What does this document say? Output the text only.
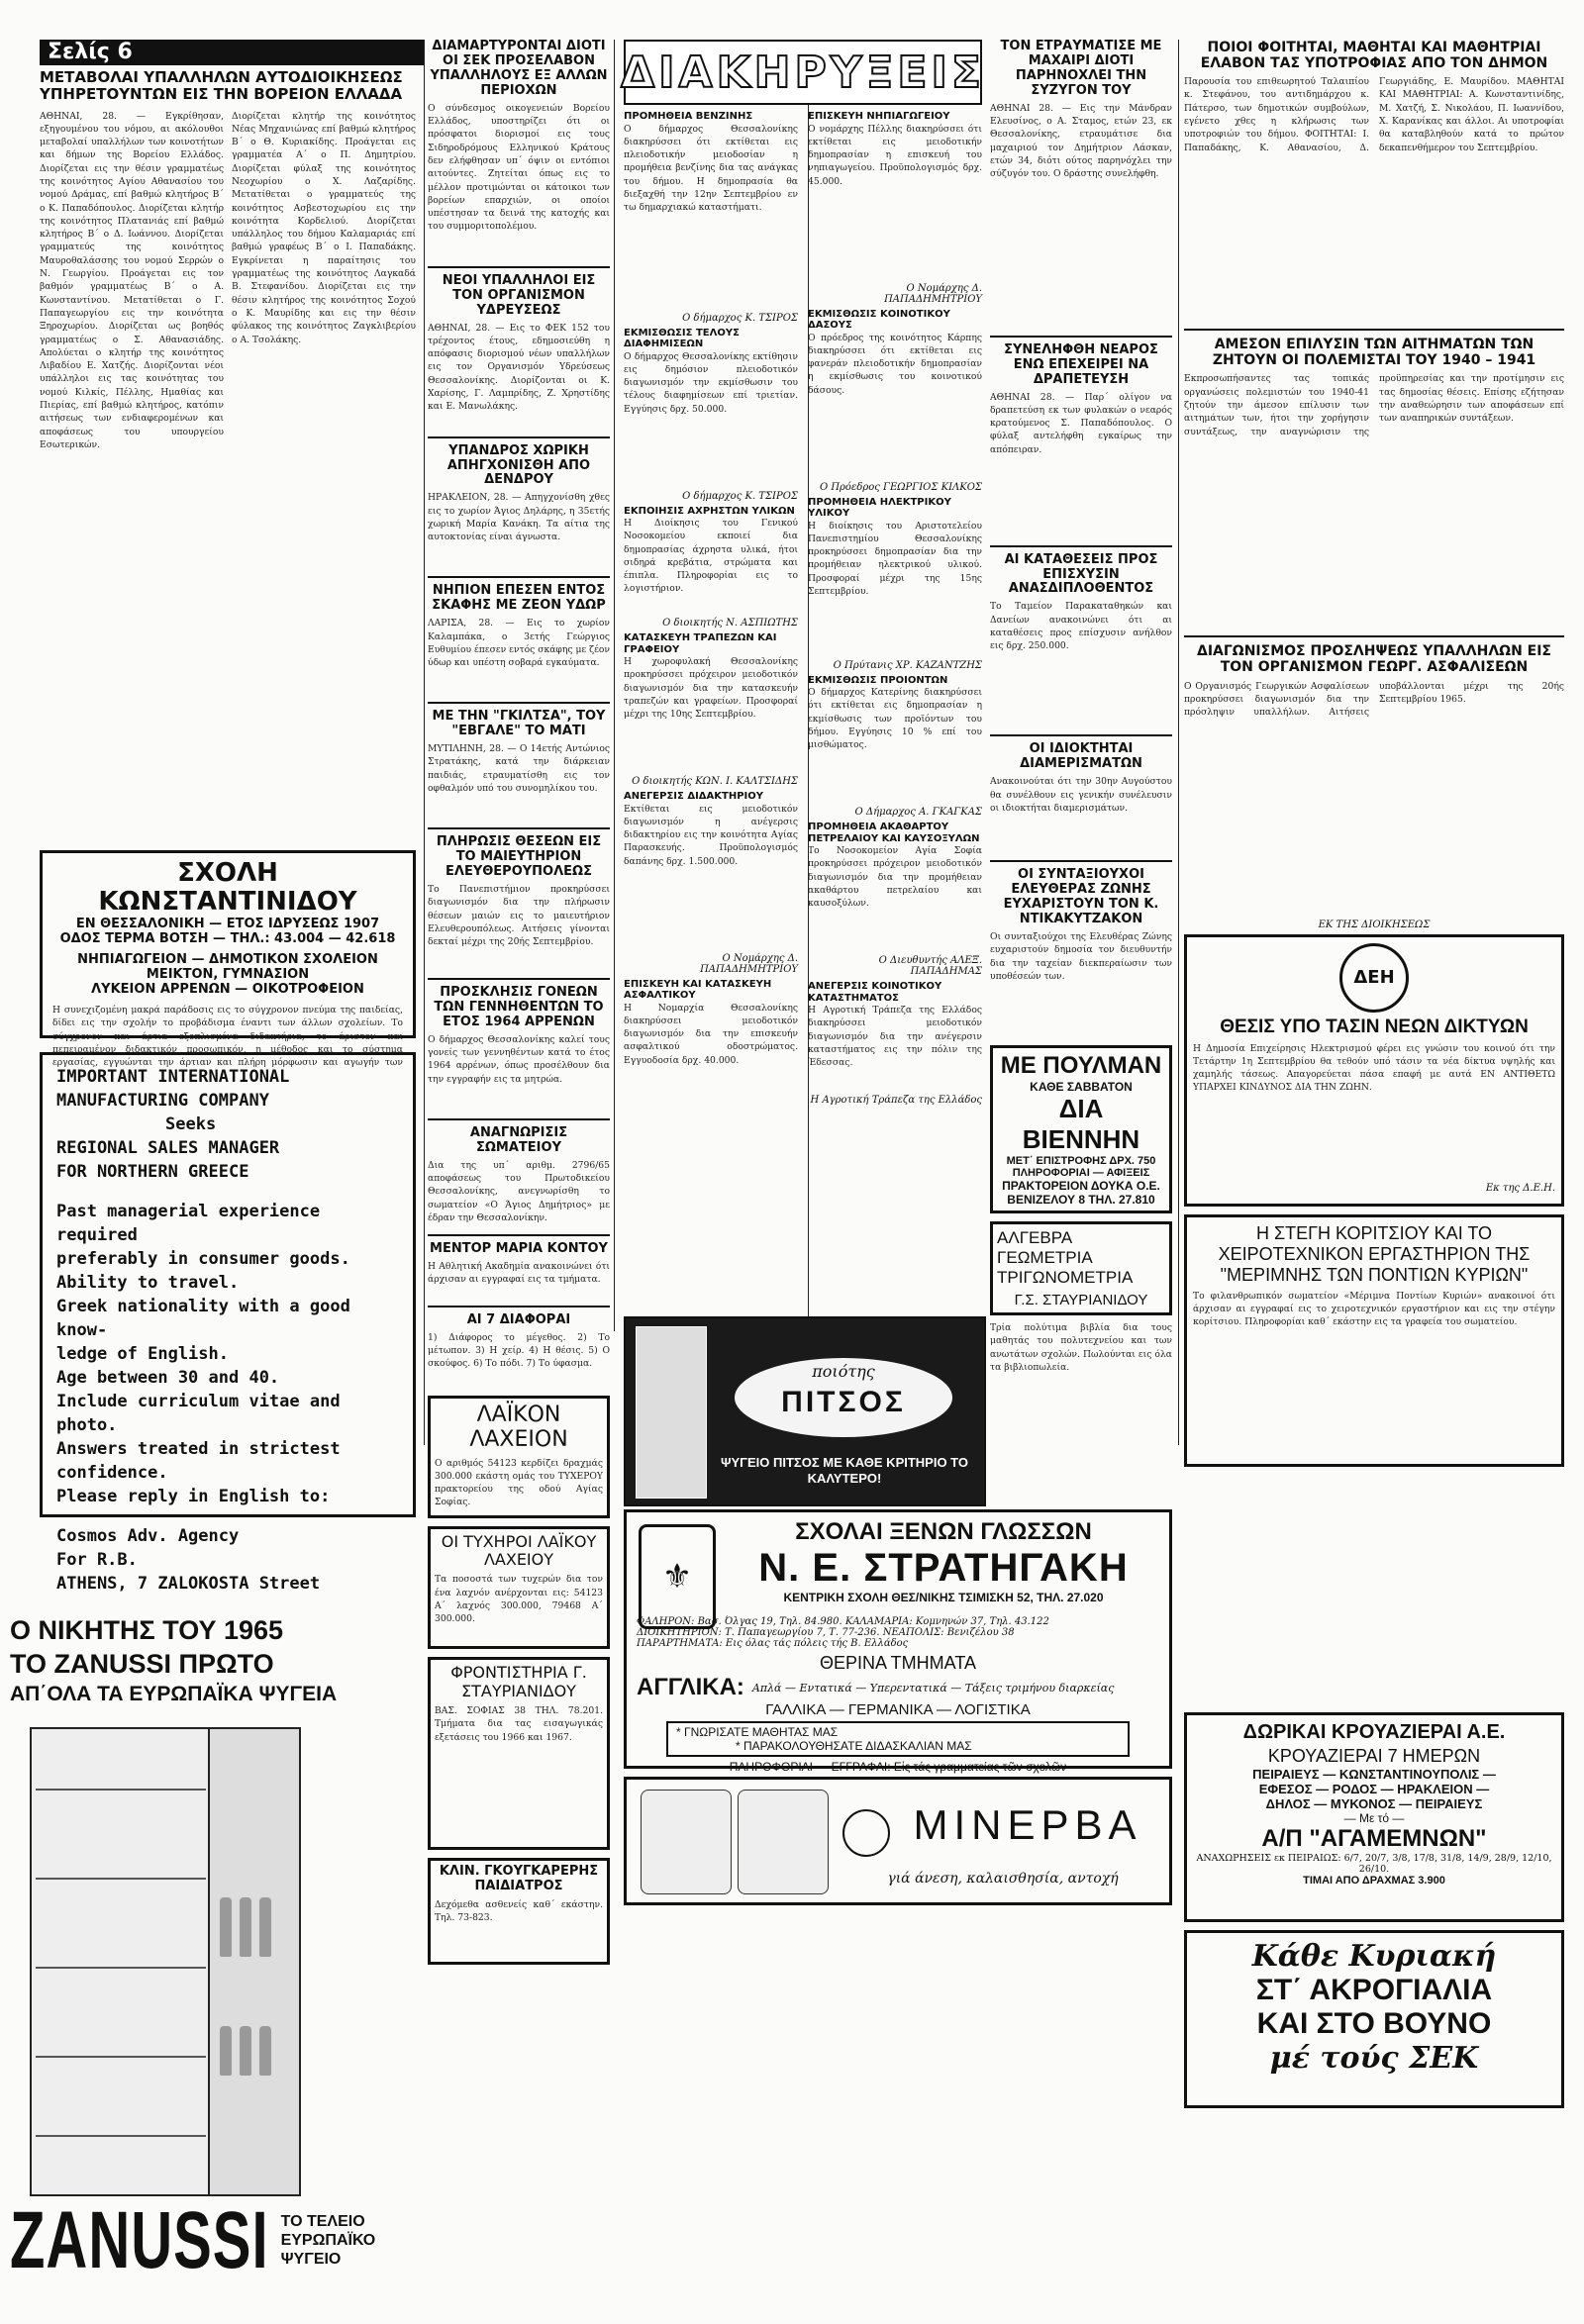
Σελίς 6
ΜΕΤΑΒΟΛΑΙ ΥΠΑΛΛΗΛΩΝ ΑΥΤΟΔΙΟΙΚΗΣΕΩΣ ΥΠΗΡΕΤΟΥΝΤΩΝ ΕΙΣ ΤΗΝ ΒΟΡΕΙΟΝ ΕΛΛΑΔΑ
ΑΘΗΝΑΙ, 28. — Εγκρίθησαν, εξηγουμένου του νόμου, αι ακόλουθοι μεταβολαί υπαλλήλων των κοινοτήτων και δήμων της Βορείου Ελλάδος. Διορίζεται εις την θέσιν γραμματέως της κοινότητος Αγίου Αθανασίου του νομού Δράμας, επί βαθμώ κλητήρος Β΄ ο Κ. Παπαδόπουλος. Διορίζεται κλητήρ της κοινότητος Πλατανιάς επί βαθμώ κλητήρος Β΄ ο Δ. Ιωάννου. Διορίζεται γραμματεύς της κοινότητος Μαυροθαλάσσης του νομού Σερρών ο Ν. Γεωργίου. Προάγεται εις τον βαθμόν γραμματέως Β΄ ο Α. Κωνσταντίνου. Μετατίθεται ο Γ. Παπαγεωργίου εις την κοινότητα Ξηροχωρίου. Διορίζεται ως βοηθός γραμματέως ο Σ. Αθανασιάδης. Απολύεται ο κλητήρ της κοινότητος Λιβαδίου Ε. Χατζής. Διορίζονται νέοι υπάλληλοι εις τας κοινότητας του νομού Κιλκίς, Πέλλης, Ημαθίας και Πιερίας, επί βαθμώ κλητήρος, κατόπιν αιτήσεως των ενδιαφερομένων και αποφάσεως του υπουργείου Εσωτερικών.
Διορίζεται κλητήρ της κοινότητος Νέας Μηχανιώνας επί βαθμώ κλητήρος Β΄ ο Θ. Κυριακίδης. Προάγεται εις γραμματέα Α΄ ο Π. Δημητρίου. Διορίζεται φύλαξ της κοινότητος Νεοχωρίου ο Χ. Λαζαρίδης. Μετατίθεται ο γραμματεύς της κοινότητος Ασβεστοχωρίου εις την κοινότητα Κορδελιού. Διορίζεται υπάλληλος του δήμου Καλαμαριάς επί βαθμώ γραφέως Β΄ ο Ι. Παπαδάκης. Εγκρίνεται η παραίτησις του γραμματέως της κοινότητος Λαγκαδά Β. Στεφανίδου. Διορίζεται εις την θέσιν κλητήρος της κοινότητος Σοχού ο Κ. Μαυρίδης και εις την θέσιν φύλακος της κοινότητος Ζαγκλιβερίου ο Α. Τσολάκης.
ΣΧΟΛΗ ΚΩΝΣΤΑΝΤΙΝΙΔΟΥ
ΕΝ ΘΕΣΣΑΛΟΝΙΚΗ — ΕΤΟΣ ΙΔΡΥΣΕΩΣ 1907
ΟΔΟΣ ΤΕΡΜΑ ΒΟΤΣΗ — ΤΗΛ.: 43.004 — 42.618
ΝΗΠΙΑΓΩΓΕΙΟΝ — ΔΗΜΟΤΙΚΟΝ ΣΧΟΛΕΙΟΝ
ΜΕΙΚΤΟΝ, ΓΥΜΝΑΣΙΟΝ
ΛΥΚΕΙΟΝ ΑΡΡΕΝΩΝ — ΟΙΚΟΤΡΟΦΕΙΟΝ
Η συνεχιζομένη μακρά παράδοσις εις το σύγχρονον πνεύμα της παιδείας, δίδει εις την σχολήν το προβάδισμα έναντι των άλλων σχολείων. Το σύγχρονον και άρτια εξοπλισμένα διδακτήρια, το άριστον και πεπειραμένον διδακτικόν προσωπικόν, η μέθοδος και το σύστημα εργασίας, εγγυώνται την άρτιαν και πλήρη μόρφωσιν και αγωγήν των
IMPORTANT INTERNATIONAL
MANUFACTURING COMPANY
Seeks
REGIONAL SALES MANAGER
FOR NORTHERN GREECE
Past managerial experience required
preferably in consumer goods.
Ability to travel.
Greek nationality with a good know-
ledge of English.
Age between 30 and 40.
Include curriculum vitae and photo.
Answers treated in strictest confidence.
Please reply in English to:
Cosmos Adv. Agency
For R.B.
ATHENS, 7 ZALOKOSTA Street
Ο ΝΙΚΗΤΗΣ ΤΟΥ 1965
ΤΟ ZANUSSI ΠΡΩΤΟ
ΑΠ΄ΟΛΑ ΤΑ ΕΥΡΩΠΑΪΚΑ ΨΥΓΕΙΑ
ZANUSSI ΤΟ ΤΕΛΕΙΟ ΕΥΡΩΠΑΪΚΟ ΨΥΓΕΙΟ
ΔΙΑΜΑΡΤΥΡΟΝΤΑΙ ΔΙΟΤΙ ΟΙ ΣΕΚ ΠΡΟΣΕΛΑΒΟΝ ΥΠΑΛΛΗΛΟΥΣ ΕΞ ΑΛΛΩΝ ΠΕΡΙΟΧΩΝ
Ο σύνδεσμος οικογενειών Βορείου Ελλάδος, υποστηρίζει ότι οι πρόσφατοι διορισμοί εις τους Σιδηροδρόμους Ελληνικού Κράτους δεν ελήφθησαν υπ΄ όψιν οι εντόπιοι αιτούντες. Ζητείται όπως εις το μέλλον προτιμώνται οι κάτοικοι των βορείων επαρχιών, οι οποίοι υπέστησαν τα δεινά της κατοχής και του συμμοριτοπολέμου.
ΝΕΟΙ ΥΠΑΛΛΗΛΟΙ ΕΙΣ ΤΟΝ ΟΡΓΑΝΙΣΜΟΝ ΥΔΡΕΥΣΕΩΣ
ΑΘΗΝΑΙ, 28. — Εις το ΦΕΚ 152 του τρέχοντος έτους, εδημοσιεύθη η απόφασις διορισμού νέων υπαλλήλων εις τον Οργανισμόν Υδρεύσεως Θεσσαλονίκης. Διορίζονται οι Κ. Χαρίσης, Γ. Λαμπρίδης, Ζ. Χρηστίδης και Ε. Μανωλάκης.
ΥΠΑΝΔΡΟΣ ΧΩΡΙΚΗ ΑΠΗΓΧΟΝΙΣΘΗ ΑΠΟ ΔΕΝΔΡΟΥ
ΗΡΑΚΛΕΙΟΝ, 28. — Απηγχονίσθη χθες εις το χωρίον Άγιος Δηλάρης, η 35ετής χωρική Μαρία Κανάκη. Τα αίτια της αυτοκτονίας είναι άγνωστα.
ΝΗΠΙΟΝ ΕΠΕΣΕΝ ΕΝΤΟΣ ΣΚΑΦΗΣ ΜΕ ΖΕΟΝ ΥΔΩΡ
ΛΑΡΙΣΑ, 28. — Εις το χωρίον Καλαμπάκα, ο 3ετής Γεώργιος Ευθυμίου έπεσεν εντός σκάφης με ζέον ύδωρ και υπέστη σοβαρά εγκαύματα.
ΜΕ ΤΗΝ "ΓΚΙΛΤΣΑ", ΤΟΥ "ΕΒΓΑΛΕ" ΤΟ ΜΑΤΙ
ΜΥΤΙΛΗΝΗ, 28. — Ο 14ετής Αντώνιος Στρατάκης, κατά την διάρκειαν παιδιάς, ετραυματίσθη εις τον οφθαλμόν υπό του συνομηλίκου του.
ΠΛΗΡΩΣΙΣ ΘΕΣΕΩΝ ΕΙΣ ΤΟ ΜΑΙΕΥΤΗΡΙΟΝ ΕΛΕΥΘΕΡΟΥΠΟΛΕΩΣ
Το Πανεπιστήμιον προκηρύσσει διαγωνισμόν δια την πλήρωσιν θέσεων μαιών εις το μαιευτήριον Ελευθερουπόλεως. Αιτήσεις γίνονται δεκταί μέχρι της 20ής Σεπτεμβρίου.
ΠΡΟΣΚΛΗΣΙΣ ΓΟΝΕΩΝ ΤΩΝ ΓΕΝΝΗΘΕΝΤΩΝ ΤΟ ΕΤΟΣ 1964 ΑΡΡΕΝΩΝ
Ο δήμαρχος Θεσσαλονίκης καλεί τους γονείς των γεννηθέντων κατά το έτος 1964 αρρένων, όπως προσέλθουν δια την εγγραφήν εις τα μητρώα.
ΑΝΑΓΝΩΡΙΣΙΣ ΣΩΜΑΤΕΙΟΥ
Δια της υπ΄ αριθμ. 2796/65 αποφάσεως του Πρωτοδικείου Θεσσαλονίκης, ανεγνωρίσθη το σωματείον «Ο Άγιος Δημήτριος» με έδραν την Θεσσαλονίκην.
ΜΕΝΤΟΡ ΜΑΡΙΑ ΚΟΝΤΟΥ
Η Αθλητική Ακαδημία ανακοινώνει ότι άρχισαν αι εγγραφαί εις τα τμήματα.
ΑΙ 7 ΔΙΑΦΟΡΑΙ
1) Διάφορος το μέγεθος. 2) Το μέτωπον. 3) Η χείρ. 4) Η θέσις. 5) Ο σκούφος. 6) Το πόδι. 7) Το ύφασμα.
ΛΑΪΚΟΝ ΛΑΧΕΙΟΝ
Ο αριθμός 54123 κερδίζει δραχμάς 300.000 εκάστη ομάς του ΤΥΧΕΡΟΥ πρακτορείου της οδού Αγίας Σοφίας.
ΟΙ ΤΥΧΗΡΟΙ ΛΑΪΚΟΥ ΛΑΧΕΙΟΥ
Τα ποσοστά των τυχερών δια τον ένα λαχνόν ανέρχονται εις: 54123 Α΄ λαχνός 300.000, 79468 Α΄ 300.000.
ΦΡΟΝΤΙΣΤΗΡΙΑ Γ. ΣΤΑΥΡΙΑΝΙΔΟΥ
ΒΑΣ. ΣΟΦΙΑΣ 38 ΤΗΛ. 78.201. Τμήματα δια τας εισαγωγικάς εξετάσεις του 1966 και 1967.
ΚΛΙΝ. ΓΚΟΥΓΚΑΡΕΡΗΣ ΠΑΙΔΙΑΤΡΟΣ
Δεχόμεθα ασθενείς καθ΄ εκάστην. Τηλ. 73-823.
ΔΙΑΚΗΡΥΞΕΙΣ
ΠΡΟΜΗΘΕΙΑ ΒΕΝΖΙΝΗΣ
Ο δήμαρχος Θεσσαλονίκης διακηρύσσει ότι εκτίθεται εις πλειοδοτικήν μειοδοσίαν η προμήθεια βενζίνης δια τας ανάγκας του δήμου. Η δημοπρασία θα διεξαχθή την 12ην Σεπτεμβρίου εν τω δημαρχιακώ καταστήματι.
Ο δήμαρχος Κ. ΤΣΙΡΟΣ
ΕΚΜΙΣΘΩΣΙΣ ΤΕΛΟΥΣ ΔΙΑΦΗΜΙΣΕΩΝ
Ο δήμαρχος Θεσσαλονίκης εκτίθησιν εις δημόσιον πλειοδοτικόν διαγωνισμόν την εκμίσθωσιν του τέλους διαφημίσεων επί τριετίαν. Εγγύησις δρχ. 50.000.
Ο δήμαρχος Κ. ΤΣΙΡΟΣ
ΕΚΠΟΙΗΣΙΣ ΑΧΡΗΣΤΩΝ ΥΛΙΚΩΝ
Η Διοίκησις του Γενικού Νοσοκομείου εκποιεί δια δημοπρασίας άχρηστα υλικά, ήτοι σιδηρά κρεβάτια, στρώματα και έπιπλα. Πληροφορίαι εις το λογιστήριον.
Ο διοικητής Ν. ΑΣΠΙΩΤΗΣ
ΚΑΤΑΣΚΕΥΗ ΤΡΑΠΕΖΩΝ ΚΑΙ ΓΡΑΦΕΙΟΥ
Η χωροφυλακή Θεσσαλονίκης προκηρύσσει πρόχειρον μειοδοτικόν διαγωνισμόν δια την κατασκευήν τραπεζών και γραφείων. Προσφοραί μέχρι της 10ης Σεπτεμβρίου.
Ο διοικητής ΚΩΝ. Ι. ΚΑΛΤΣΙΔΗΣ
ΑΝΕΓΕΡΣΙΣ ΔΙΔΑΚΤΗΡΙΟΥ
Εκτίθεται εις μειοδοτικόν διαγωνισμόν η ανέγερσις διδακτηρίου εις την κοινότητα Αγίας Παρασκευής. Προϋπολογισμός δαπάνης δρχ. 1.500.000.
Ο Νομάρχης Δ. ΠΑΠΑΔΗΜΗΤΡΙΟΥ
ΕΠΙΣΚΕΥΗ ΚΑΙ ΚΑΤΑΣΚΕΥΗ ΑΣΦΑΛΤΙΚΟΥ
Η Νομαρχία Θεσσαλονίκης διακηρύσσει μειοδοτικόν διαγωνισμόν δια την επισκευήν ασφαλτικού οδοστρώματος. Εγγυοδοσία δρχ. 40.000.
ΕΠΙΣΚΕΥΗ ΝΗΠΙΑΓΩΓΕΙΟΥ
Ο νομάρχης Πέλλης διακηρύσσει ότι εκτίθεται εις μειοδοτικήν δημοπρασίαν η επισκευή του νηπιαγωγείου. Προϋπολογισμός δρχ. 45.000.
Ο Νομάρχης Δ. ΠΑΠΑΔΗΜΗΤΡΙΟΥ
ΕΚΜΙΣΘΩΣΙΣ ΚΟΙΝΟΤΙΚΟΥ ΔΑΣΟΥΣ
Ο πρόεδρος της κοινότητος Κάρπης διακηρύσσει ότι εκτίθεται εις φανεράν πλειοδοτικήν δημοπρασίαν η εκμίσθωσις του κοινοτικού δάσους.
Ο Πρόεδρος ΓΕΩΡΓΙΟΣ ΚΙΛΚΟΣ
ΠΡΟΜΗΘΕΙΑ ΗΛΕΚΤΡΙΚΟΥ ΥΛΙΚΟΥ
Η διοίκησις του Αριστοτελείου Πανεπιστημίου Θεσσαλονίκης προκηρύσσει δημοπρασίαν δια την προμήθειαν ηλεκτρικού υλικού. Προσφοραί μέχρι της 15ης Σεπτεμβρίου.
Ο Πρύτανις ΧΡ. ΚΑΖΑΝΤΖΗΣ
ΕΚΜΙΣΘΩΣΙΣ ΠΡΟΙΟΝΤΩΝ
Ο δήμαρχος Κατερίνης διακηρύσσει ότι εκτίθεται εις δημοπρασίαν η εκμίσθωσις των προϊόντων του δήμου. Εγγύησις 10 % επί του μισθώματος.
Ο Δήμαρχος Α. ΓΚΑΓΚΑΣ
ΠΡΟΜΗΘΕΙΑ ΑΚΑΘΑΡΤΟΥ ΠΕΤΡΕΛΑΙΟΥ ΚΑΙ ΚΑΥΣΟΞΥΛΩΝ
Το Νοσοκομείον Αγία Σοφία προκηρύσσει πρόχειρον μειοδοτικόν διαγωνισμόν δια την προμήθειαν ακαθάρτου πετρελαίου και καυσοξύλων.
Ο Διευθυντής ΑΛΕΞ. ΠΑΠΑΔΗΜΑΣ
ΑΝΕΓΕΡΣΙΣ ΚΟΙΝΟΤΙΚΟΥ ΚΑΤΑΣΤΗΜΑΤΟΣ
Η Αγροτική Τράπεζα της Ελλάδος διακηρύσσει μειοδοτικόν διαγωνισμόν δια την ανέγερσιν καταστήματος εις την πόλιν της Έδεσσας.
Η Αγροτική Τράπεζα της Ελλάδος
ποιότης
ΠΙΤΣΟΣ
ΨΥΓΕΙΟ ΠΙΤΣΟΣ ΜΕ ΚΑΘΕ ΚΡΙΤΗΡΙΟ ΤΟ ΚΑΛΥΤΕΡΟ!
ΤΟΝ ΕΤΡΑΥΜΑΤΙΣΕ ΜΕ ΜΑΧΑΙΡΙ ΔΙΟΤΙ ΠΑΡΗΝΟΧΛΕΙ ΤΗΝ ΣΥΖΥΓΟΝ ΤΟΥ
ΑΘΗΝΑΙ 28. — Εις την Μάνδραν Ελευσίνος, ο Α. Σταμος, ετών 23, εκ Θεσσαλονίκης, ετραυμάτισε δια μαχαιριού τον Δημήτριον Λάσκαν, ετών 34, διότι ούτος παρηνόχλει την σύζυγόν του. Ο δράστης συνελήφθη.
ΣΥΝΕΛΗΦΘΗ ΝΕΑΡΟΣ ΕΝΩ ΕΠΕΧΕΙΡΕΙ ΝΑ ΔΡΑΠΕΤΕΥΣΗ
ΑΘΗΝΑΙ 28. — Παρ΄ ολίγον να δραπετεύση εκ των φυλακών ο νεαρός κρατούμενος Σ. Παπαδόπουλος. Ο φύλαξ αντελήφθη εγκαίρως την απόπειραν.
ΑΙ ΚΑΤΑΘΕΣΕΙΣ ΠΡΟΣ ΕΠΙΣΧΥΣΙΝ ΑΝΑΣΔΙΠΛΟΘΕΝΤΟΣ
Το Ταμείον Παρακαταθηκών και Δανείων ανακοινώνει ότι αι καταθέσεις προς επίσχυσιν ανήλθον εις δρχ. 250.000.
ΟΙ ΙΔΙΟΚΤΗΤΑΙ ΔΙΑΜΕΡΙΣΜΑΤΩΝ
Ανακοινούται ότι την 30ην Αυγούστου θα συνέλθουν εις γενικήν συνέλευσιν οι ιδιοκτήται διαμερισμάτων.
ΟΙ ΣΥΝΤΑΞΙΟΥΧΟΙ ΕΛΕΥΘΕΡΑΣ ΖΩΝΗΣ ΕΥΧΑΡΙΣΤΟΥΝ ΤΟΝ Κ. ΝΤΙΚΑΚΥΤΖΑΚΟΝ
Οι συνταξιούχοι της Ελευθέρας Ζώνης ευχαριστούν δημοσία τον διευθυντήν δια την ταχείαν διεκπεραίωσιν των υποθέσεών των.
ΜΕ ΠΟΥΛΜΑΝ
ΚΑΘΕ ΣΑΒΒΑΤΟΝ
ΔΙΑ ΒΙΕΝΝΗΝ
ΜΕΤ΄ ΕΠΙΣΤΡΟΦΗΣ ΔΡΧ. 750
ΠΛΗΡΟΦΟΡΙΑΙ — ΑΦΙΞΕΙΣ
ΠΡΑΚΤΟΡΕΙΟΝ ΔΟΥΚΑ Ο.Ε.
ΒΕΝΙΖΕΛΟΥ 8 ΤΗΛ. 27.810
ΑΛΓΕΒΡΑ
ΓΕΩΜΕΤΡΙΑ
ΤΡΙΓΩΝΟΜΕΤΡΙΑ
Γ.Σ. ΣΤΑΥΡΙΑΝΙΔΟΥ
Τρία πολύτιμα βιβλία δια τους μαθητάς του πολυτεχνείου και των ανωτάτων σχολών. Πωλούνται εις όλα τα βιβλιοπωλεία.
ΠΟΙΟΙ ΦΟΙΤΗΤΑΙ, ΜΑΘΗΤΑΙ ΚΑΙ ΜΑΘΗΤΡΙΑΙ ΕΛΑΒΟΝ ΤΑΣ ΥΠΟΤΡΟΦΙΑΣ ΑΠΟ ΤΟΝ ΔΗΜΟΝ
Παρουσία του επιθεωρητού Ταλαιπίου κ. Στεφάνου, του αντιδημάρχου κ. Πάτερσο, των δημοτικών συμβούλων, εγένετο χθες η κλήρωσις των υποτροφιών του δήμου. ΦΟΙΤΗΤΑΙ: Ι. Παπαδάκης, Κ. Αθανασίου, Δ. Γεωργιάδης, Ε. Μαυρίδου. ΜΑΘΗΤΑΙ ΚΑΙ ΜΑΘΗΤΡΙΑΙ: Α. Κωνσταντινίδης, Μ. Χατζή, Σ. Νικολάου, Π. Ιωαννίδου, Χ. Καρανίκας και άλλοι. Αι υποτροφίαι θα καταβληθούν κατά το πρώτον δεκαπενθήμερον του Σεπτεμβρίου.
ΑΜΕΣΟΝ ΕΠΙΛΥΣΙΝ ΤΩΝ ΑΙΤΗΜΑΤΩΝ ΤΩΝ ΖΗΤΟΥΝ ΟΙ ΠΟΛΕΜΙΣΤΑΙ ΤΟΥ 1940 – 1941
Εκπροσωπήσαντες τας τοπικάς οργανώσεις πολεμιστών του 1940-41 ζητούν την άμεσον επίλυσιν των αιτημάτων των, ήτοι την χορήγησιν συντάξεως, την αναγνώρισιν της προϋπηρεσίας και την προτίμησιν εις τας δημοσίας θέσεις. Επίσης εζήτησαν την αναθεώρησιν των αποφάσεων επί των αναπηρικών συντάξεων.
ΔΙΑΓΩΝΙΣΜΟΣ ΠΡΟΣΛΗΨΕΩΣ ΥΠΑΛΛΗΛΩΝ ΕΙΣ ΤΟΝ ΟΡΓΑΝΙΣΜΟΝ ΓΕΩΡΓ. ΑΣΦΑΛΙΣΕΩΝ
Ο Οργανισμός Γεωργικών Ασφαλίσεων προκηρύσσει διαγωνισμόν δια την πρόσληψιν υπαλλήλων. Αιτήσεις υποβάλλονται μέχρι της 20ής Σεπτεμβρίου 1965.
ΕΚ ΤΗΣ ΔΙΟΙΚΗΣΕΩΣ
ΔΕΗ
ΘΕΣΙΣ ΥΠΟ ΤΑΣΙΝ ΝΕΩΝ ΔΙΚΤΥΩΝ
Η Δημοσία Επιχείρησις Ηλεκτρισμού φέρει εις γνώσιν του κοινού ότι την Τετάρτην 1η Σεπτεμβρίου θα τεθούν υπό τάσιν τα νέα δίκτυα υψηλής και χαμηλής τάσεως. Απαγορεύεται πάσα επαφή με αυτά ΕΝ ΑΝΤΙΘΕΤΩ ΥΠΑΡΧΕΙ ΚΙΝΔΥΝΟΣ ΔΙΑ ΤΗΝ ΖΩΗΝ.
Εκ της Δ.Ε.Η.
Η ΣΤΕΓΗ ΚΟΡΙΤΣΙΟΥ ΚΑΙ ΤΟ ΧΕΙΡΟΤΕΧΝΙΚΟΝ ΕΡΓΑΣΤΗΡΙΟΝ ΤΗΣ "ΜΕΡΙΜΝΗΣ ΤΩΝ ΠΟΝΤΙΩΝ ΚΥΡΙΩΝ"
Το φιλανθρωπικόν σωματείον «Μέριμνα Ποντίων Κυριών» ανακοινοί ότι άρχισαν αι εγγραφαί εις το χειροτεχνικόν εργαστήριον και εις την στέγην κορίτσιου. Πληροφορίαι καθ΄ εκάστην εις τα γραφεία του σωματείου.
ΔΩΡΙΚΑΙ ΚΡΟΥΑΖΙΕΡΑΙ Α.Ε.
ΚΡΟΥΑΖΙΕΡΑΙ 7 ΗΜΕΡΩΝ
ΠΕΙΡΑΙΕΥΣ — ΚΩΝΣΤΑΝΤΙΝΟΥΠΟΛΙΣ —
ΕΦΕΣΟΣ — ΡΟΔΟΣ — ΗΡΑΚΛΕΙΟΝ —
ΔΗΛΟΣ — ΜΥΚΟΝΟΣ — ΠΕΙΡΑΙΕΥΣ
— Με τό —
Α/Π "ΑΓΑΜΕΜΝΩΝ"
ΑΝΑΧΩΡΗΣΕΙΣ εκ ΠΕΙΡΑΙΩΣ: 6/7, 20/7, 3/8, 17/8, 31/8, 14/9, 28/9, 12/10, 26/10.
ΤΙΜΑΙ ΑΠΟ ΔΡΑΧΜΑΣ 3.900
Κάθε Κυριακή
ΣΤ΄ ΑΚΡΟΓΙΑΛΙΑ
ΚΑΙ ΣΤΟ ΒΟΥΝΟ
μέ τούς ΣΕΚ
⚜
ΣΧΟΛΑΙ ΞΕΝΩΝ ΓΛΩΣΣΩΝ
Ν. Ε. ΣΤΡΑΤΗΓΑΚΗ
ΚΕΝΤΡΙΚΗ ΣΧΟΛΗ ΘΕΣ/ΝΙΚΗΣ ΤΣΙΜΙΣΚΗ 52, ΤΗΛ. 27.020
ΦΑΛΗΡΟΝ: Βασ. Όλγας 19, Τηλ. 84.980. ΚΑΛΑΜΑΡΙΑ: Κομνηνών 37, Τηλ. 43.122
ΔΙΟΙΚΗΤΗΡΙΟΝ: Τ. Παπαγεωργίου 7, Τ. 77-236. ΝΕΑΠΟΛΙΣ: Βενιζέλου 38
ΠΑΡΑΡΤΗΜΑΤΑ: Εις όλας τάς πόλεις τής Β. Ελλάδος
ΘΕΡΙΝΑ ΤΜΗΜΑΤΑ
ΑΓΓΛΙΚΑ: Απλά — Εντατικά — Υπερεντατικά — Τάξεις τριμήνου διαρκείας
ΓΑΛΛΙΚΑ — ΓΕΡΜΑΝΙΚΑ — ΛΟΓΙΣΤΙΚΑ
* ΓΝΩΡΙΣΑΤΕ ΜΑΘΗΤΑΣ ΜΑΣ
* ΠΑΡΑΚΟΛΟΥΘΗΣΑΤΕ ΔΙΔΑΣΚΑΛΙΑΝ ΜΑΣ
ΠΛΗΡΟΦΟΡΙΑΙ — ΕΓΓΡΑΦΑΙ: Εἰς τάς γραμματείας τῶν σχολῶν
ΜΙΝΕΡΒΑ
γιά άνεση, καλαισθησία, αντοχή
